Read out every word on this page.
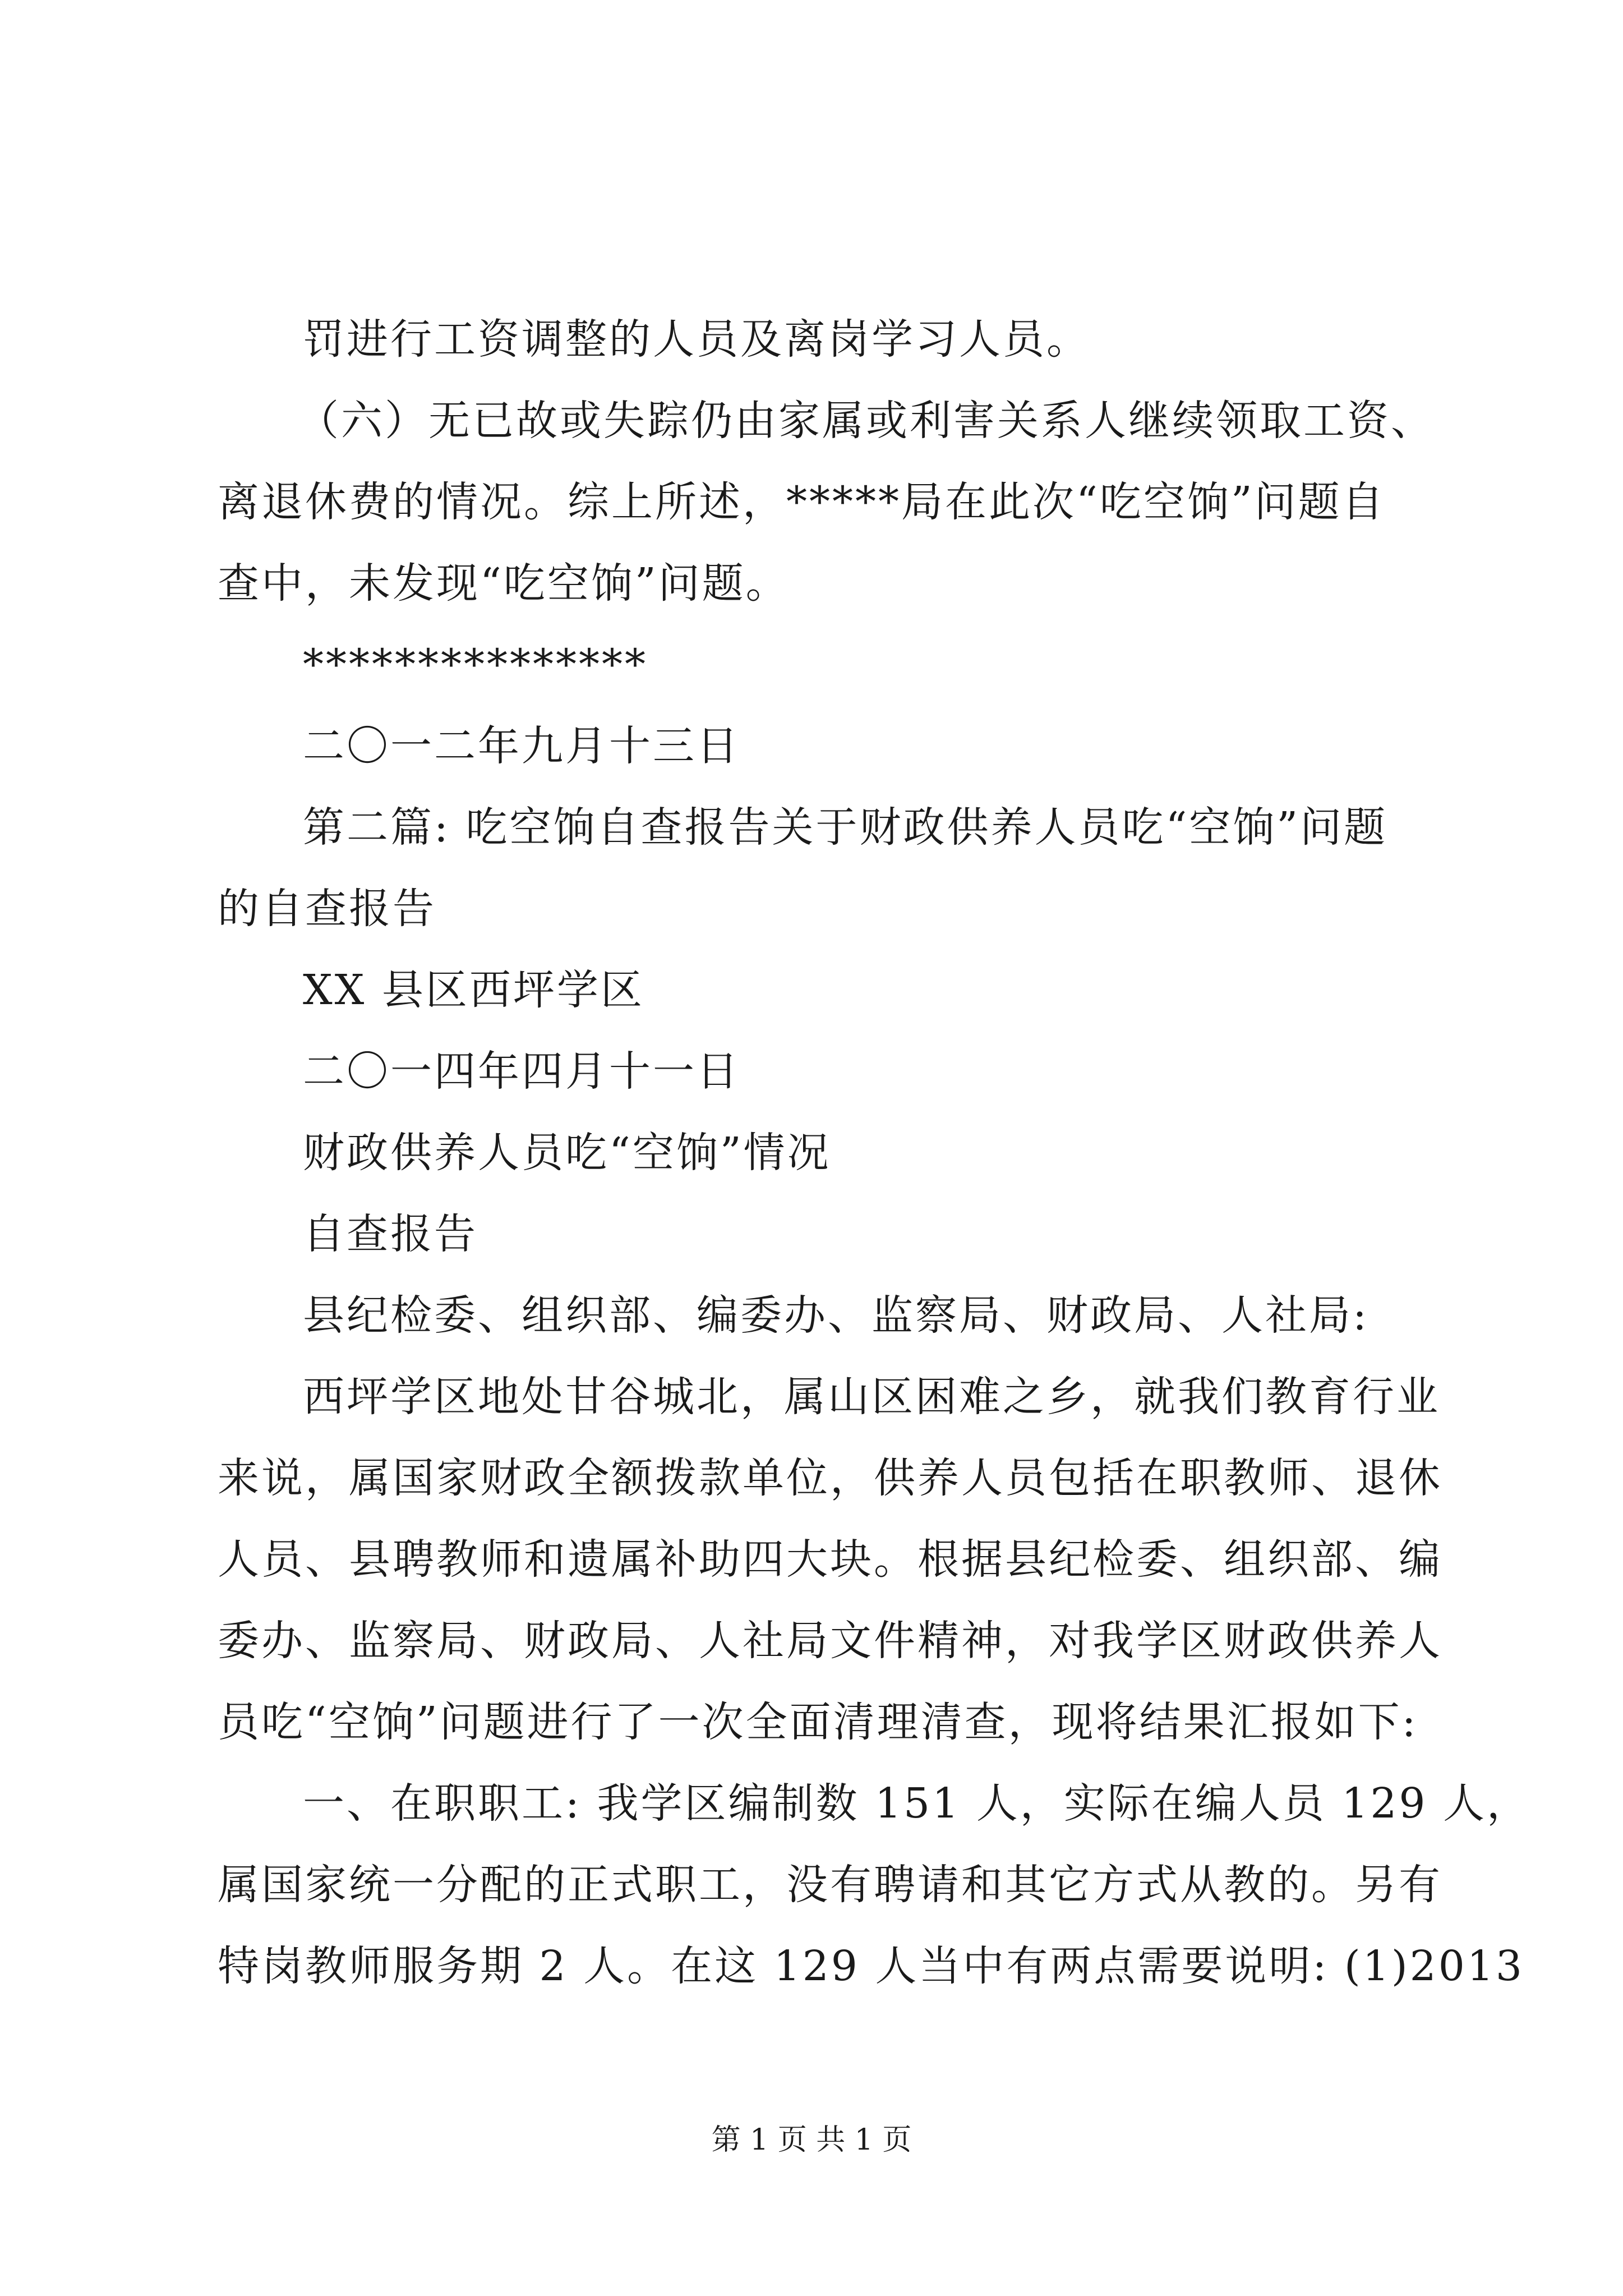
罚进行工资调整的人员及离岗学习人员。
（六）无已故或失踪仍由家属或利害关系人继续领取工资、
离退休费的情况。综上所述，*****局在此次“吃空饷”问题自
查中，未发现“吃空饷”问题。
***************
二〇一二年九月十三日
第二篇: 吃空饷自查报告关于财政供养人员吃“空饷”问题
的自查报告
XX 县区西坪学区
二〇一四年四月十一日
财政供养人员吃“空饷”情况
自查报告
县纪检委、组织部、编委办、监察局、财政局、人社局:
西坪学区地处甘谷城北，属山区困难之乡，就我们教育行业
来说，属国家财政全额拨款单位，供养人员包括在职教师、退休
人员、县聘教师和遗属补助四大块。根据县纪检委、组织部、编
委办、监察局、财政局、人社局文件精神，对我学区财政供养人
员吃“空饷”问题进行了一次全面清理清查，现将结果汇报如下:
一、在职职工: 我学区编制数 151 人，实际在编人员 129 人，
属国家统一分配的正式职工，没有聘请和其它方式从教的。另有
特岗教师服务期 2 人。在这 129 人当中有两点需要说明: (1)2013
第 1 页 共 1 页
